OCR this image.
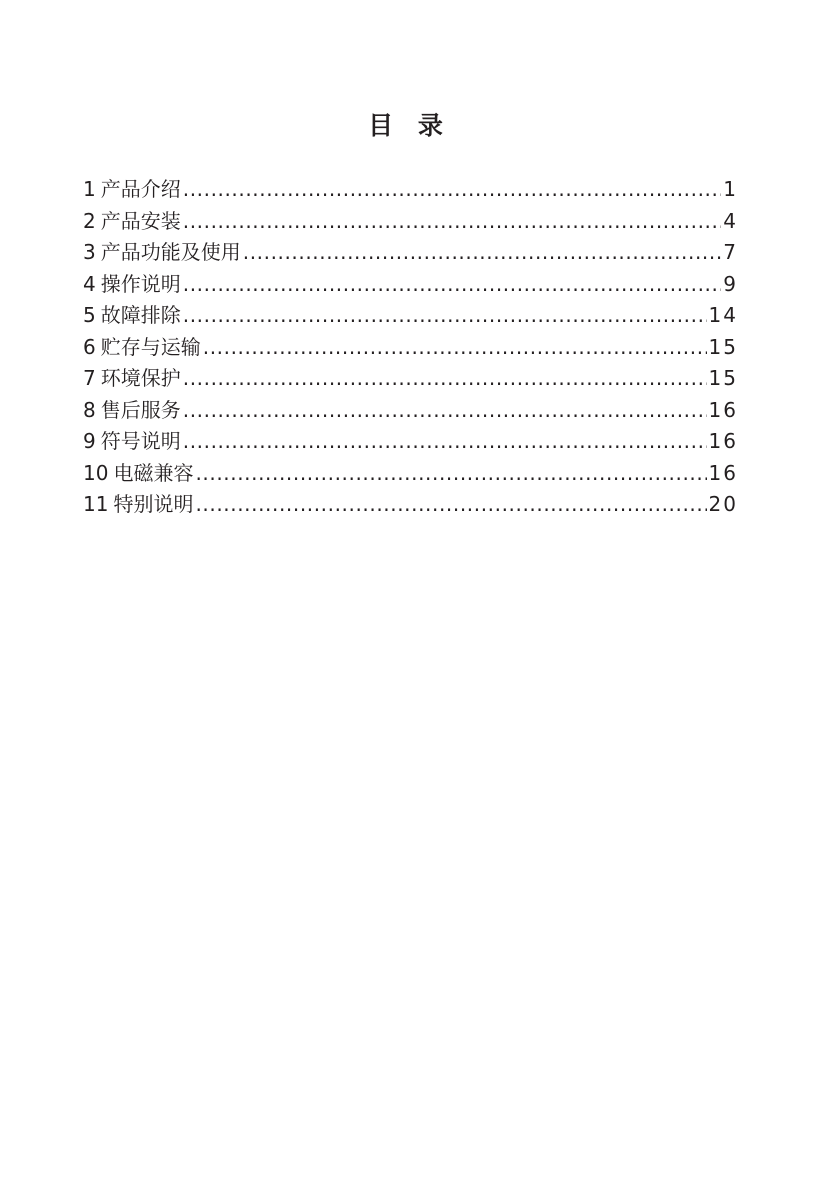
目 录
1 产品介绍 .....	1
2 产品安装 .....	4
3 产品功能及使用 .....	7
4 操作说明 .....	9
5 故障排除 .....	14
6 贮存与运输 .....	15
7 环境保护 .....	15
8 售后服务 .....	16
9 符号说明 .....	16
10 电磁兼容 .....	16
11 特别说明 .....	20
